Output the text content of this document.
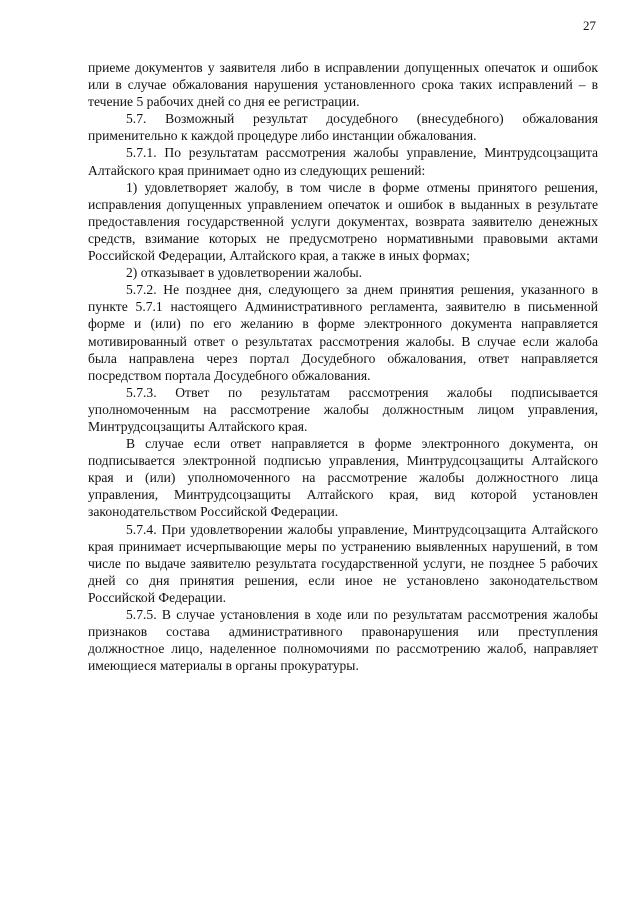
27

приеме документов у заявителя либо в исправлении допущенных опечаток и ошибок или в случае обжалования нарушения установленного срока таких исправлений – в течение 5 рабочих дней со дня ее регистрации.

5.7. Возможный результат досудебного (внесудебного) обжалования применительно к каждой процедуре либо инстанции обжалования.

5.7.1. По результатам рассмотрения жалобы управление, Минтрудсоцзащита Алтайского края принимает одно из следующих решений:

1) удовлетворяет жалобу, в том числе в форме отмены принятого решения, исправления допущенных управлением опечаток и ошибок в выданных в результате предоставления государственной услуги документах, возврата заявителю денежных средств, взимание которых не предусмотрено нормативными правовыми актами Российской Федерации, Алтайского края, а также в иных формах;

2) отказывает в удовлетворении жалобы.

5.7.2. Не позднее дня, следующего за днем принятия решения, указанного в пункте 5.7.1 настоящего Административного регламента, заявителю в письменной форме и (или) по его желанию в форме электронного документа направляется мотивированный ответ о результатах рассмотрения жалобы. В случае если жалоба была направлена через портал Досудебного обжалования, ответ направляется посредством портала Досудебного обжалования.

5.7.3. Ответ по результатам рассмотрения жалобы подписывается уполномоченным на рассмотрение жалобы должностным лицом управления, Минтрудсоцзащиты Алтайского края.

В случае если ответ направляется в форме электронного документа, он подписывается электронной подписью управления, Минтрудсоцзащиты Алтайского края и (или) уполномоченного на рассмотрение жалобы должностного лица управления, Минтрудсоцзащиты Алтайского края, вид которой установлен законодательством Российской Федерации.

5.7.4. При удовлетворении жалобы управление, Минтрудсоцзащита Алтайского края принимает исчерпывающие меры по устранению выявленных нарушений, в том числе по выдаче заявителю результата государственной услуги, не позднее 5 рабочих дней со дня принятия решения, если иное не установлено законодательством Российской Федерации.

5.7.5. В случае установления в ходе или по результатам рассмотрения жалобы признаков состава административного правонарушения или преступления должностное лицо, наделенное полномочиями по рассмотрению жалоб, направляет имеющиеся материалы в органы прокуратуры.
